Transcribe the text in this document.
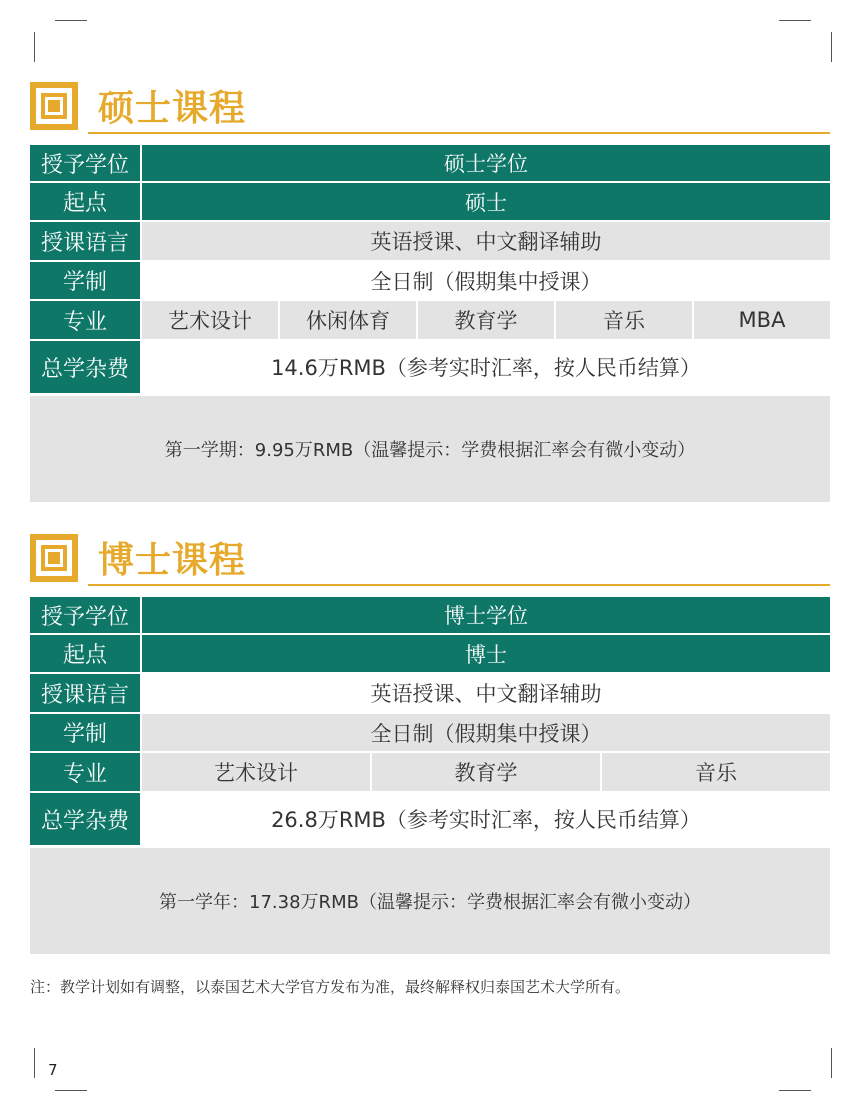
硕士课程
授予学位	硕士学位
起点	硕士
授课语言	英语授课、中文翻译辅助
学制	全日制（假期集中授课）
专业	艺术设计	休闲体育	教育学	音乐	MBA
总学杂费	14.6万RMB（参考实时汇率，按人民币结算）
第一学期：9.95万RMB（温馨提示：学费根据汇率会有微小变动）
博士课程
授予学位	博士学位
起点	博士
授课语言	英语授课、中文翻译辅助
学制	全日制（假期集中授课）
专业	艺术设计	教育学	音乐
总学杂费	26.8万RMB（参考实时汇率，按人民币结算）
第一学年：17.38万RMB（温馨提示：学费根据汇率会有微小变动）
注：教学计划如有调整，以泰国艺术大学官方发布为准，最终解释权归泰国艺术大学所有。
7
